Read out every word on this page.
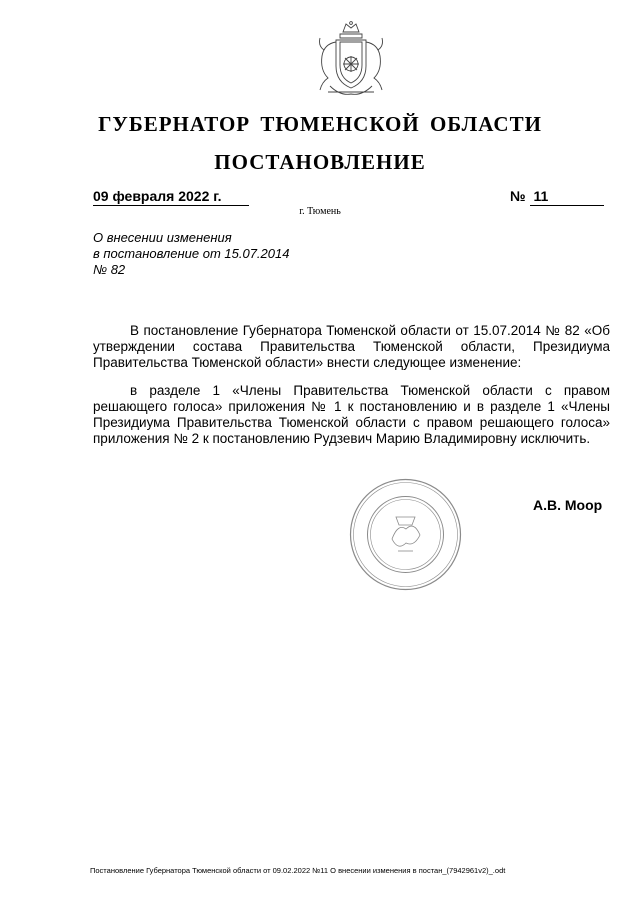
ГУБЕРНАТОР ТЮМЕНСКОЙ ОБЛАСТИ
ПОСТАНОВЛЕНИЕ
09 февраля 2022 г.	№ 11
г. Тюмень
О внесении изменения
в постановление от 15.07.2014
№ 82

В постановление Губернатора Тюменской области от 15.07.2014 № 82 «Об утверждении состава Правительства Тюменской области, Президиума Правительства Тюменской области» внести следующее изменение:

в разделе 1 «Члены Правительства Тюменской области с правом решающего голоса» приложения № 1 к постановлению и в разделе 1 «Члены Президиума Правительства Тюменской области с правом решающего голоса» приложения № 2 к постановлению Рудзевич Марию Владимировну исключить.

А.В. Моор
Постановление Губернатора Тюменской области от 09.02.2022 №11 О внесении изменения в постан_(7942961v2)_.odt
